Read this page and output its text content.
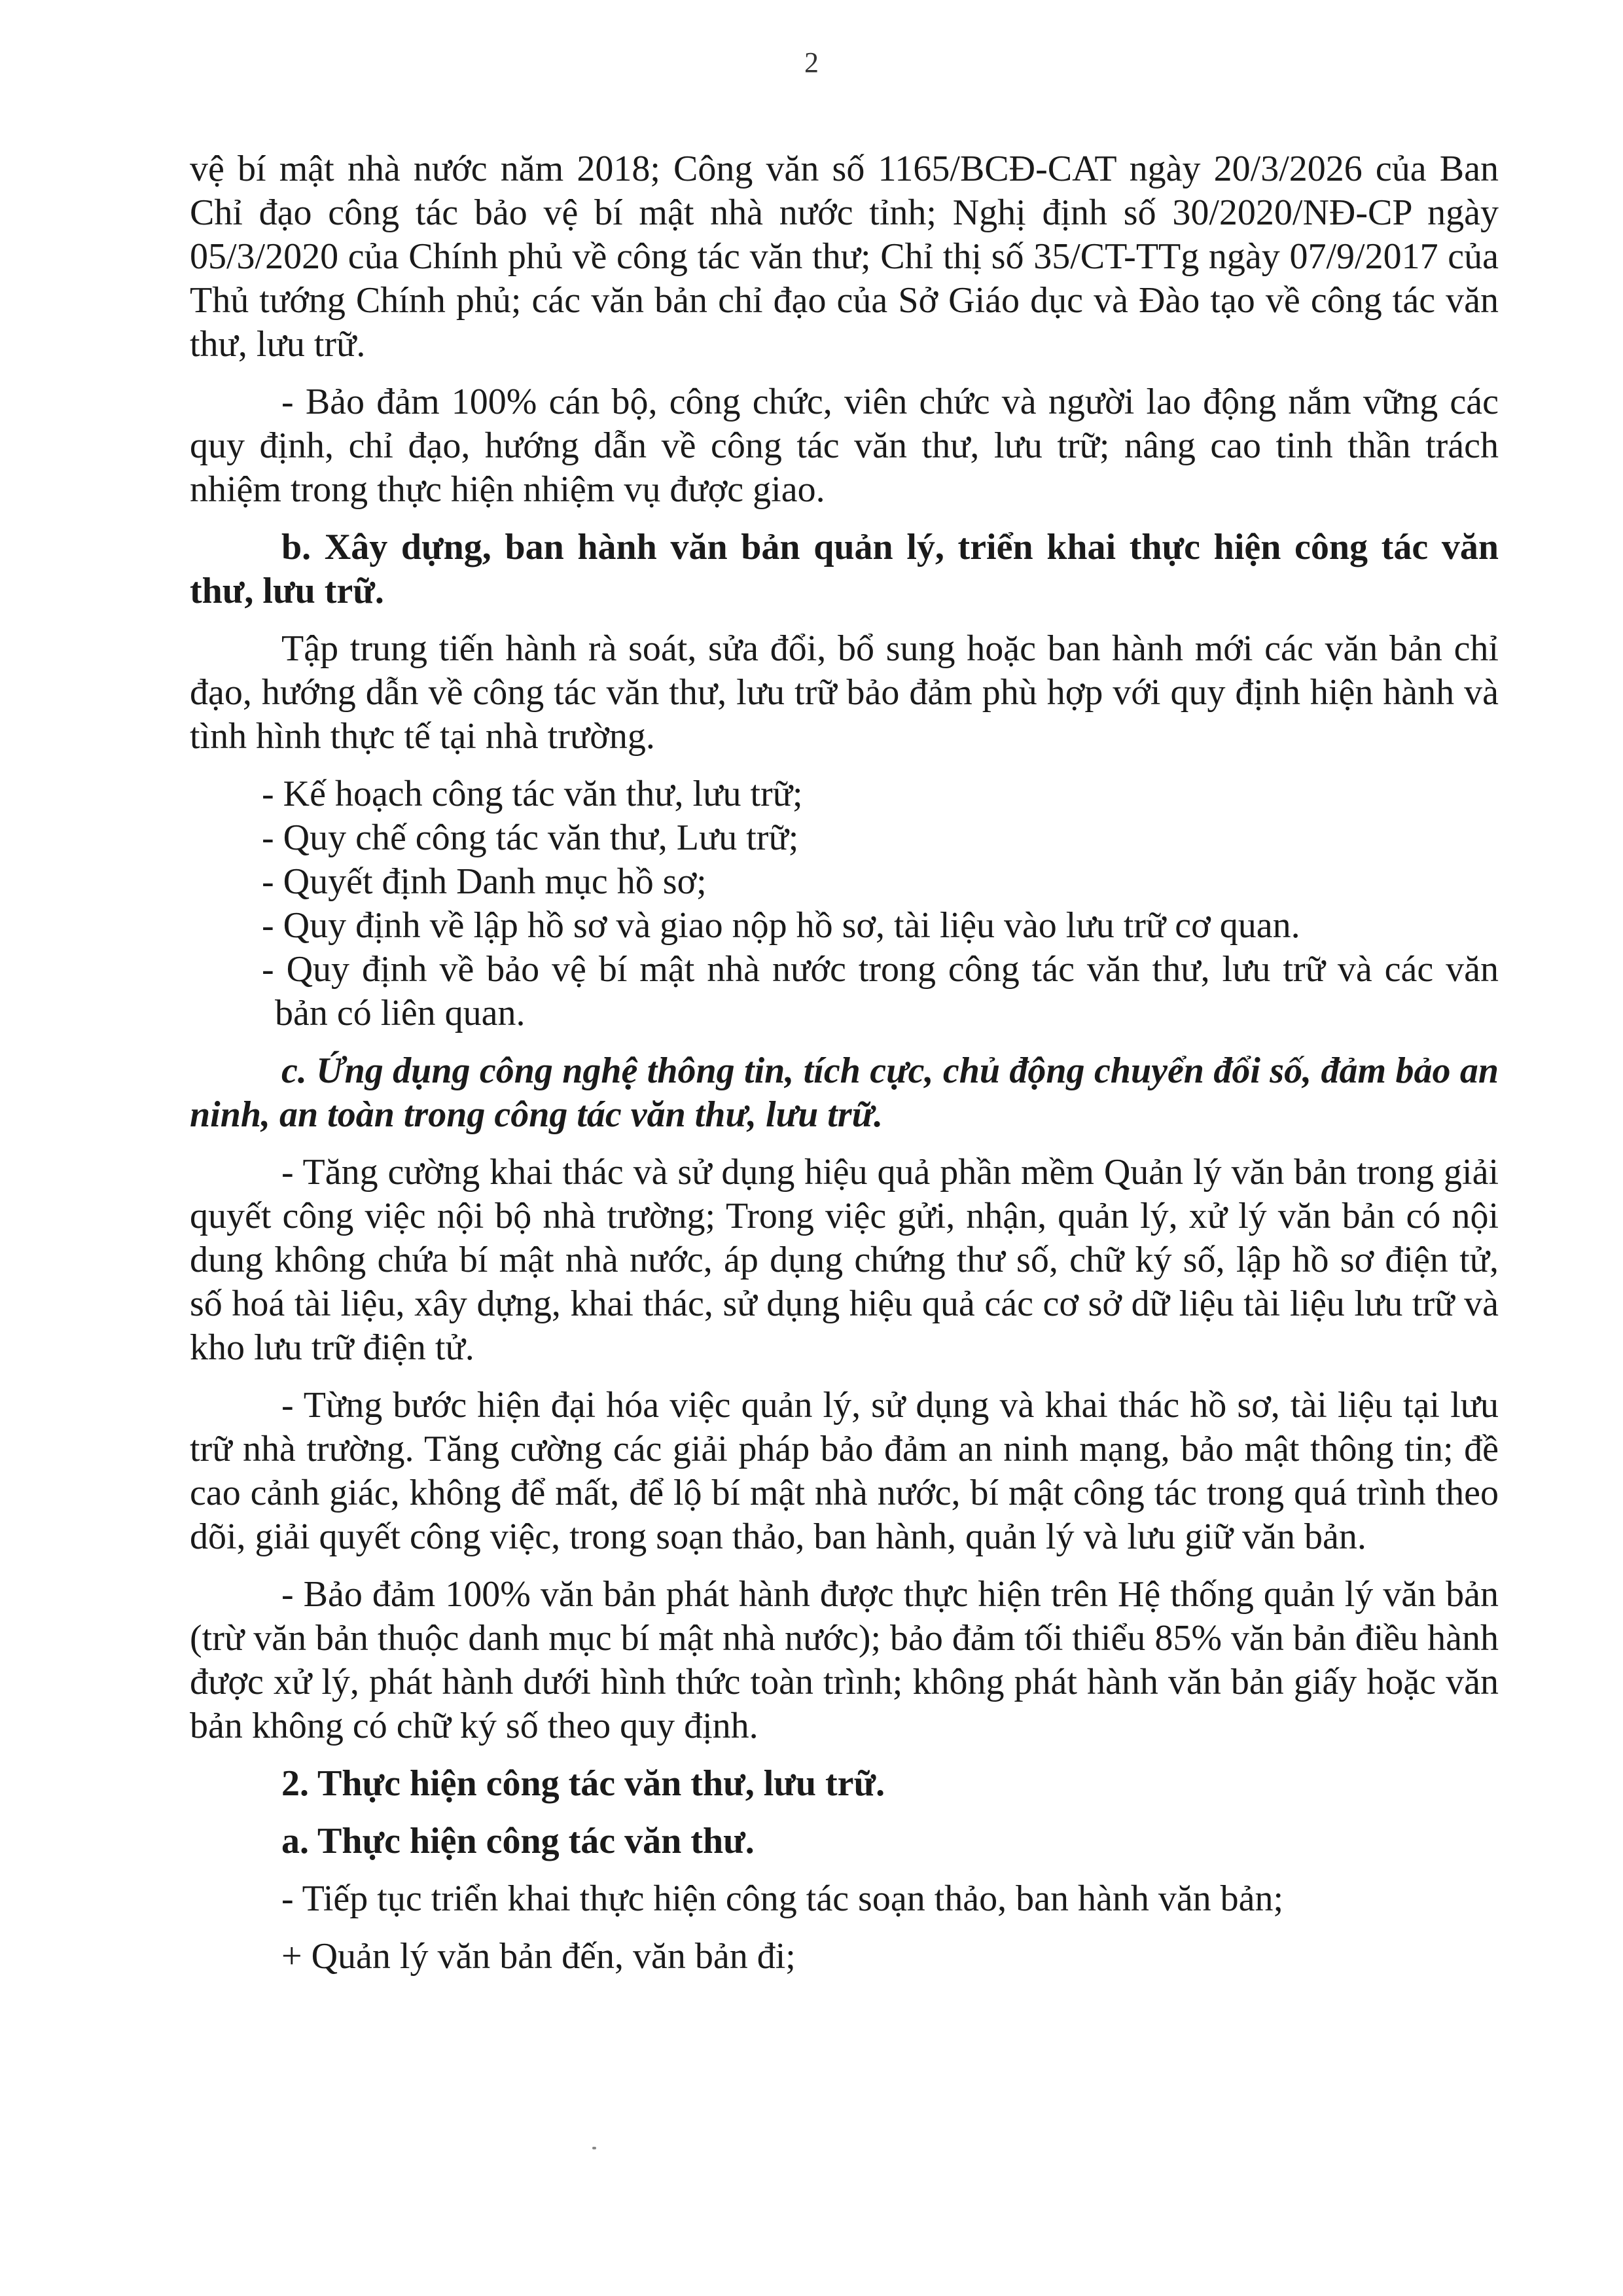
2

vệ bí mật nhà nước năm 2018; Công văn số 1165/BCĐ-CAT ngày 20/3/2026 của Ban Chỉ đạo công tác bảo vệ bí mật nhà nước tỉnh; Nghị định số 30/2020/NĐ-CP ngày 05/3/2020 của Chính phủ về công tác văn thư; Chỉ thị số 35/CT-TTg ngày 07/9/2017 của Thủ tướng Chính phủ; các văn bản chỉ đạo của Sở Giáo dục và Đào tạo về công tác văn thư, lưu trữ.

- Bảo đảm 100% cán bộ, công chức, viên chức và người lao động nắm vững các quy định, chỉ đạo, hướng dẫn về công tác văn thư, lưu trữ; nâng cao tinh thần trách nhiệm trong thực hiện nhiệm vụ được giao.

b. Xây dựng, ban hành văn bản quản lý, triển khai thực hiện công tác văn thư, lưu trữ.

Tập trung tiến hành rà soát, sửa đổi, bổ sung hoặc ban hành mới các văn bản chỉ đạo, hướng dẫn về công tác văn thư, lưu trữ bảo đảm phù hợp với quy định hiện hành và tình hình thực tế tại nhà trường.

- Kế hoạch công tác văn thư, lưu trữ;
- Quy chế công tác văn thư, Lưu trữ;
- Quyết định Danh mục hồ sơ;
- Quy định về lập hồ sơ và giao nộp hồ sơ, tài liệu vào lưu trữ cơ quan.
- Quy định về bảo vệ bí mật nhà nước trong công tác văn thư, lưu trữ và các văn bản có liên quan.

c. Ứng dụng công nghệ thông tin, tích cực, chủ động chuyển đổi số, đảm bảo an ninh, an toàn trong công tác văn thư, lưu trữ.

- Tăng cường khai thác và sử dụng hiệu quả phần mềm Quản lý văn bản trong giải quyết công việc nội bộ nhà trường; Trong việc gửi, nhận, quản lý, xử lý văn bản có nội dung không chứa bí mật nhà nước, áp dụng chứng thư số, chữ ký số, lập hồ sơ điện tử, số hoá tài liệu, xây dựng, khai thác, sử dụng hiệu quả các cơ sở dữ liệu tài liệu lưu trữ và kho lưu trữ điện tử.

- Từng bước hiện đại hóa việc quản lý, sử dụng và khai thác hồ sơ, tài liệu tại lưu trữ nhà trường. Tăng cường các giải pháp bảo đảm an ninh mạng, bảo mật thông tin; đề cao cảnh giác, không để mất, để lộ bí mật nhà nước, bí mật công tác trong quá trình theo dõi, giải quyết công việc, trong soạn thảo, ban hành, quản lý và lưu giữ văn bản.

- Bảo đảm 100% văn bản phát hành được thực hiện trên Hệ thống quản lý văn bản (trừ văn bản thuộc danh mục bí mật nhà nước); bảo đảm tối thiểu 85% văn bản điều hành được xử lý, phát hành dưới hình thức toàn trình; không phát hành văn bản giấy hoặc văn bản không có chữ ký số theo quy định.

2. Thực hiện công tác văn thư, lưu trữ.

a. Thực hiện công tác văn thư.

- Tiếp tục triển khai thực hiện công tác soạn thảo, ban hành văn bản;

+ Quản lý văn bản đến, văn bản đi;
